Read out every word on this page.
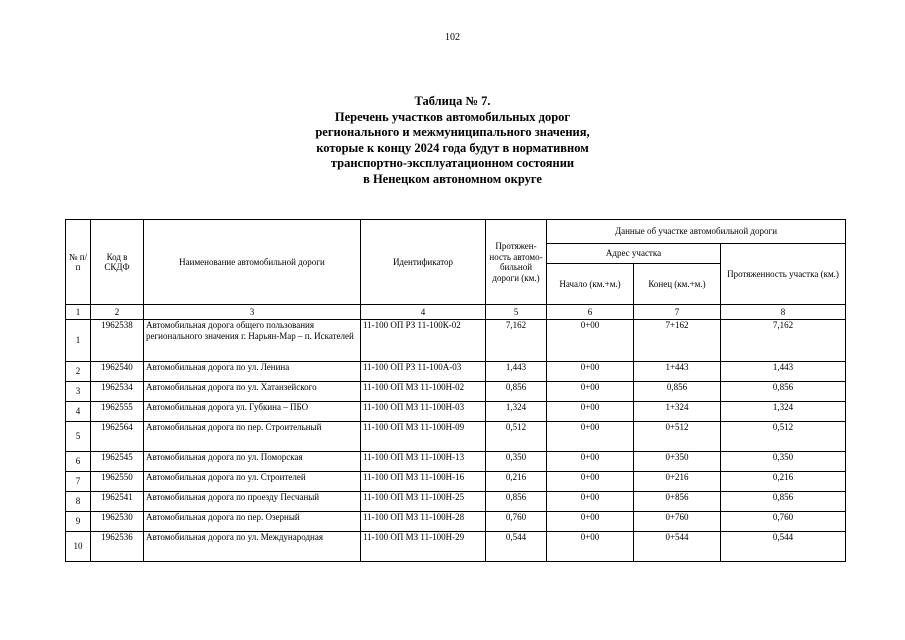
102
Таблица № 7.
Перечень участков автомобильных дорог
регионального и межмуниципального значения,
которые к концу 2024 года будут в нормативном
транспортно-эксплуатационном состоянии
в Ненецком автономном округе
№ п/п	Код в СКДФ	Наименование автомобильной дороги	Идентификатор	Протяжен-ность автомо-бильной дороги (км.)	Данные об участке автомобильной дороги		
					Адрес участка		Протяженность участка (км.)
					Начало (км.+м.)	Конец (км.+м.)	
1	2	3	4	5	6	7	8
1	1962538	Автомобильная дорога общего пользования регионального значения г. Нарьян-Мар – п. Искателей	11-100 ОП РЗ 11-100К-02	7,162	0+00	7+162	7,162
2	1962540	Автомобильная дорога по ул. Ленина	11-100 ОП РЗ 11-100А-03	1,443	0+00	1+443	1,443
3	1962534	Автомобильная дорога по ул. Хатанзейского	11-100 ОП МЗ 11-100Н-02	0,856	0+00	0,856	0,856
4	1962555	Автомобильная дорога ул. Губкина – ПБО	11-100 ОП МЗ 11-100Н-03	1,324	0+00	1+324	1,324
5	1962564	Автомобильная дорога по пер. Строительный	11-100 ОП МЗ 11-100Н-09	0,512	0+00	0+512	0,512
6	1962545	Автомобильная дорога по ул. Поморская	11-100 ОП МЗ 11-100Н-13	0,350	0+00	0+350	0,350
7	1962550	Автомобильная дорога по ул. Строителей	11-100 ОП МЗ 11-100Н-16	0,216	0+00	0+216	0,216
8	1962541	Автомобильная дорога по проезду Песчаный	11-100 ОП МЗ 11-100Н-25	0,856	0+00	0+856	0,856
9	1962530	Автомобильная дорога по пер. Озерный	11-100 ОП МЗ 11-100Н-28	0,760	0+00	0+760	0,760
10	1962536	Автомобильная дорога по ул. Международная	11-100 ОП МЗ 11-100Н-29	0,544	0+00	0+544	0,544
